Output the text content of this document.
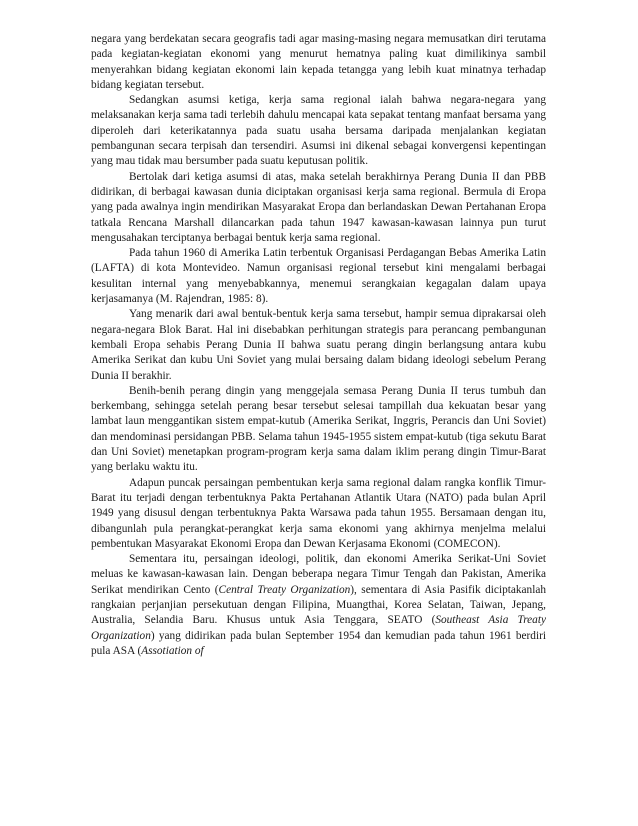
negara yang berdekatan secara geografis tadi agar masing-masing negara memusatkan diri terutama pada kegiatan-kegiatan ekonomi yang menurut hematnya paling kuat dimilikinya sambil menyerahkan bidang kegiatan ekonomi lain kepada tetangga yang lebih kuat minatnya terhadap bidang kegiatan tersebut.

Sedangkan asumsi ketiga, kerja sama regional ialah bahwa negara-negara yang melaksanakan kerja sama tadi terlebih dahulu mencapai kata sepakat tentang manfaat bersama yang diperoleh dari keterikatannya pada suatu usaha bersama daripada menjalankan kegiatan pembangunan secara terpisah dan tersendiri. Asumsi ini dikenal sebagai konvergensi kepentingan yang mau tidak mau bersumber pada suatu keputusan politik.

Bertolak dari ketiga asumsi di atas, maka setelah berakhirnya Perang Dunia II dan PBB didirikan, di berbagai kawasan dunia diciptakan organisasi kerja sama regional. Bermula di Eropa yang pada awalnya ingin mendirikan Masyarakat Eropa dan berlandaskan Dewan Pertahanan Eropa tatkala Rencana Marshall dilancarkan pada tahun 1947 kawasan-kawasan lainnya pun turut mengusahakan terciptanya berbagai bentuk kerja sama regional.

Pada tahun 1960 di Amerika Latin terbentuk Organisasi Perdagangan Bebas Amerika Latin (LAFTA) di kota Montevideo. Namun organisasi regional tersebut kini mengalami berbagai kesulitan internal yang menyebabkannya, menemui serangkaian kegagalan dalam upaya kerjasamanya (M. Rajendran, 1985: 8).

Yang menarik dari awal bentuk-bentuk kerja sama tersebut, hampir semua diprakarsai oleh negara-negara Blok Barat. Hal ini disebabkan perhitungan strategis para perancang pembangunan kembali Eropa sehabis Perang Dunia II bahwa suatu perang dingin berlangsung antara kubu Amerika Serikat dan kubu Uni Soviet yang mulai bersaing dalam bidang ideologi sebelum Perang Dunia II berakhir.

Benih-benih perang dingin yang menggejala semasa Perang Dunia II terus tumbuh dan berkembang, sehingga setelah perang besar tersebut selesai tampillah dua kekuatan besar yang lambat laun menggantikan sistem empat-kutub (Amerika Serikat, Inggris, Perancis dan Uni Soviet) dan mendominasi persidangan PBB. Selama tahun 1945-1955 sistem empat-kutub (tiga sekutu Barat dan Uni Soviet) menetapkan program-program kerja sama dalam iklim perang dingin Timur-Barat yang berlaku waktu itu.

Adapun puncak persaingan pembentukan kerja sama regional dalam rangka konflik Timur-Barat itu terjadi dengan terbentuknya Pakta Pertahanan Atlantik Utara (NATO) pada bulan April 1949 yang disusul dengan terbentuknya Pakta Warsawa pada tahun 1955. Bersamaan dengan itu, dibangunlah pula perangkat-perangkat kerja sama ekonomi yang akhirnya menjelma melalui pembentukan Masyarakat Ekonomi Eropa dan Dewan Kerjasama Ekonomi (COMECON).

Sementara itu, persaingan ideologi, politik, dan ekonomi Amerika Serikat-Uni Soviet meluas ke kawasan-kawasan lain. Dengan beberapa negara Timur Tengah dan Pakistan, Amerika Serikat mendirikan Cento (Central Treaty Organization), sementara di Asia Pasifik diciptakanlah rangkaian perjanjian persekutuan dengan Filipina, Muangthai, Korea Selatan, Taiwan, Jepang, Australia, Selandia Baru. Khusus untuk Asia Tenggara, SEATO (Southeast Asia Treaty Organization) yang didirikan pada bulan September 1954 dan kemudian pada tahun 1961 berdiri pula ASA (Assotiation of
